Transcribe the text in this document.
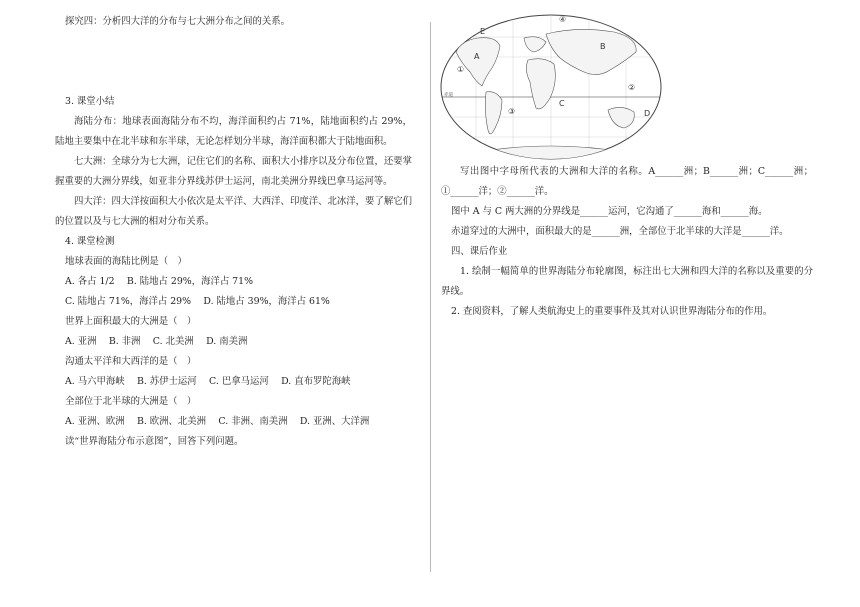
探究四：分析四大洋的分布与七大洲分布之间的关系。
3. 课堂小结
海陆分布：地球表面海陆分布不均，海洋面积约占 71%，陆地面积约占 29%，陆地主要集中在北半球和东半球，无论怎样划分半球，海洋面积都大于陆地面积。
七大洲：全球分为七大洲，记住它们的名称、面积大小排序以及分布位置，还要掌握重要的大洲分界线，如亚非分界线苏伊士运河，南北美洲分界线巴拿马运河等。
四大洋：四大洋按面积大小依次是太平洋、大西洋、印度洋、北冰洋，要了解它们的位置以及与七大洲的相对分布关系。
4. 课堂检测
地球表面的海陆比例是（　）
A. 各占 1/2　 B. 陆地占 29%，海洋占 71%
C. 陆地占 71%，海洋占 29%　 D. 陆地占 39%，海洋占 61%
世界上面积最大的大洲是（　）
A. 亚洲　 B. 非洲　 C. 北美洲　 D. 南美洲
沟通太平洋和大西洋的是（　）
A. 马六甲海峡　 B. 苏伊士运河　 C. 巴拿马运河　 D. 直布罗陀海峡
全部位于北半球的大洲是（　）
A. 亚洲、欧洲　 B. 欧洲、北美洲　 C. 非洲、南美洲　 D. 亚洲、大洋洲
读“世界海陆分布示意图”，回答下列问题。
④
E
A
B
①
②
C
③	D
赤道
写出图中字母所代表的大洲和大洋的名称。A______洲；B______洲；C______洲；①______洋；②______洋。
图中 A 与 C 两大洲的分界线是______运河，它沟通了______海和______海。
赤道穿过的大洲中，面积最大的是______洲，全部位于北半球的大洋是______洋。
四、课后作业
1. 绘制一幅简单的世界海陆分布轮廓图，标注出七大洲和四大洋的名称以及重要的分界线。
2. 查阅资料，了解人类航海史上的重要事件及其对认识世界海陆分布的作用。
